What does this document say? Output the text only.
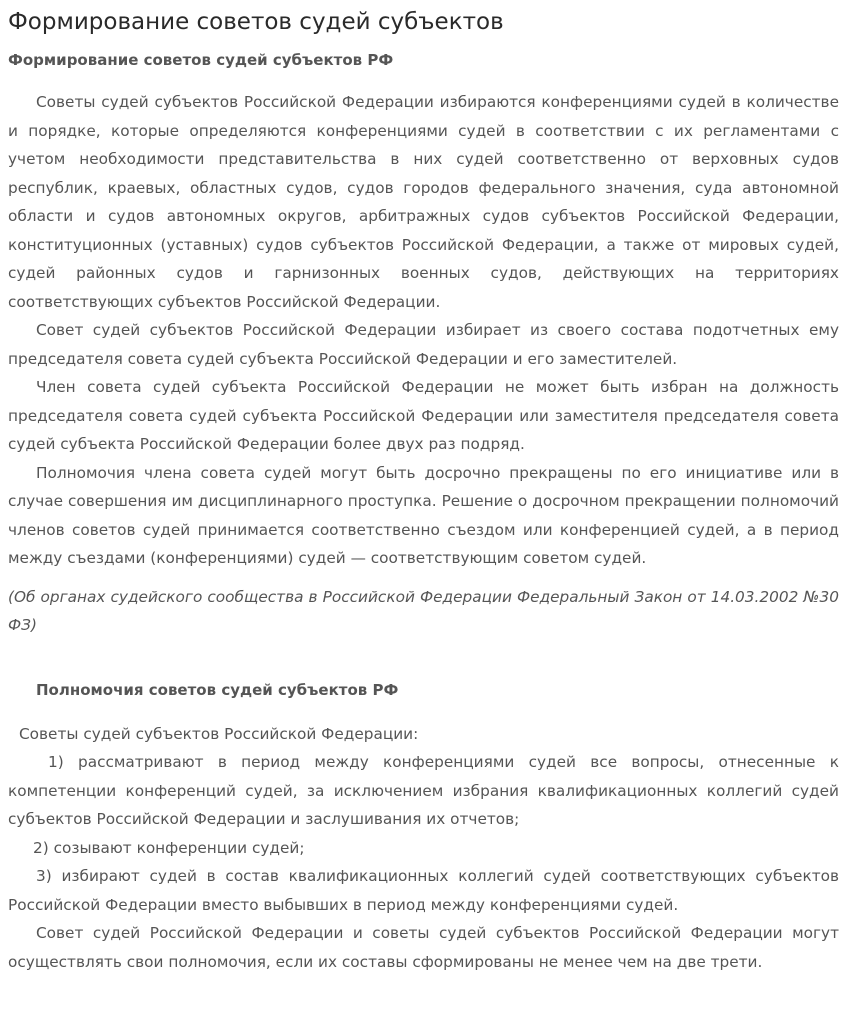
Формирование советов судей субъектов
Формирование советов судей субъектов РФ

Советы судей субъектов Российской Федерации избираются конференциями судей в количестве и порядке, которые определяются конференциями судей в соответствии с их регламентами с учетом необходимости представительства в них судей соответственно от верховных судов республик, краевых, областных судов, судов городов федерального значения, суда автономной области и судов автономных округов, арбитражных судов субъектов Российской Федерации, конституционных (уставных) судов субъектов Российской Федерации, а также от мировых судей, судей районных судов и гарнизонных военных судов, действующих на территориях соответствующих субъектов Российской Федерации.

Совет судей субъектов Российской Федерации избирает из своего состава подотчетных ему председателя совета судей субъекта Российской Федерации и его заместителей.

Член совета судей субъекта Российской Федерации не может быть избран на должность председателя совета судей субъекта Российской Федерации или заместителя председателя совета судей субъекта Российской Федерации более двух раз подряд.

Полномочия члена совета судей могут быть досрочно прекращены по его инициативе или в случае совершения им дисциплинарного проступка. Решение о досрочном прекращении полномочий членов советов судей принимается соответственно съездом или конференцией судей, а в период между съездами (конференциями) судей — соответствующим советом судей.

(Об органах судейского сообщества в Российской Федерации Федеральный Закон от 14.03.2002 №30 ФЗ)

Полномочия советов судей субъектов РФ

Советы судей субъектов Российской Федерации:

1) рассматривают в период между конференциями судей все вопросы, отнесенные к компетенции конференций судей, за исключением избрания квалификационных коллегий судей субъектов Российской Федерации и заслушивания их отчетов;

2) созывают конференции судей;

3) избирают судей в состав квалификационных коллегий судей соответствующих субъектов Российской Федерации вместо выбывших в период между конференциями судей.

Совет судей Российской Федерации и советы судей субъектов Российской Федерации могут осуществлять свои полномочия, если их составы сформированы не менее чем на две трети.
